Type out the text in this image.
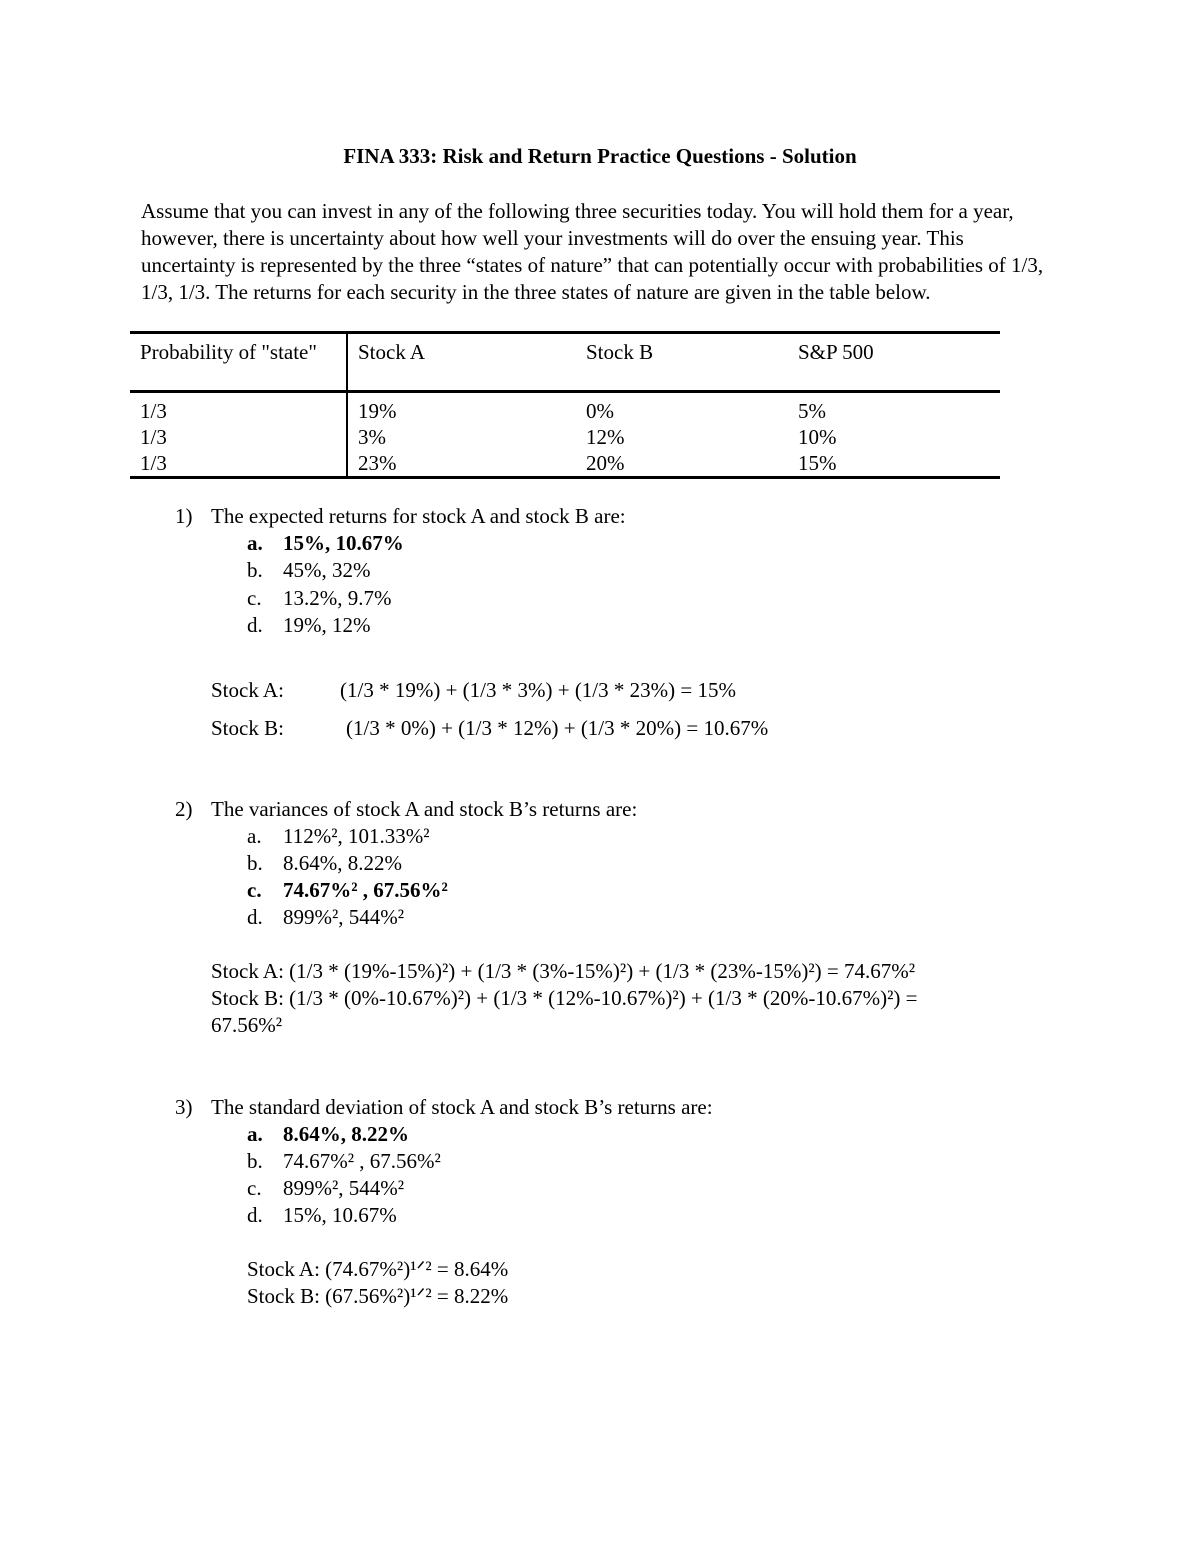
FINA 333: Risk and Return Practice Questions - Solution

Assume that you can invest in any of the following three securities today. You will hold them for a year, however, there is uncertainty about how well your investments will do over the ensuing year. This uncertainty is represented by the three “states of nature” that can potentially occur with probabilities of 1/3, 1/3, 1/3. The returns for each security in the three states of nature are given in the table below.

Probability of "state"	Stock A	Stock B	S&P 500
1/3	19%	0%	5%
1/3	3%	12%	10%
1/3	23%	20%	15%
1) The expected returns for stock A and stock B are:
a. 15%, 10.67%
b. 45%, 32%
c. 13.2%, 9.7%
d. 19%, 12%
Stock A:	(1/3 * 19%) + (1/3 * 3%) + (1/3 * 23%) = 15%
Stock B:	(1/3 * 0%) + (1/3 * 12%) + (1/3 * 20%) = 10.67%
2) The variances of stock A and stock B’s returns are:
a. 112%², 101.33%²
b. 8.64%, 8.22%
c. 74.67%² , 67.56%²
d. 899%², 544%²
Stock A: (1/3 * (19%-15%)²) + (1/3 * (3%-15%)²) + (1/3 * (23%-15%)²) = 74.67%²
Stock B: (1/3 * (0%-10.67%)²) + (1/3 * (12%-10.67%)²) + (1/3 * (20%-10.67%)²) =
67.56%²
3) The standard deviation of stock A and stock B’s returns are:
a. 8.64%, 8.22%
b. 74.67%² , 67.56%²
c. 899%², 544%²
d. 15%, 10.67%
Stock A: (74.67%²)¹ᐟ² = 8.64%
Stock B: (67.56%²)¹ᐟ² = 8.22%
